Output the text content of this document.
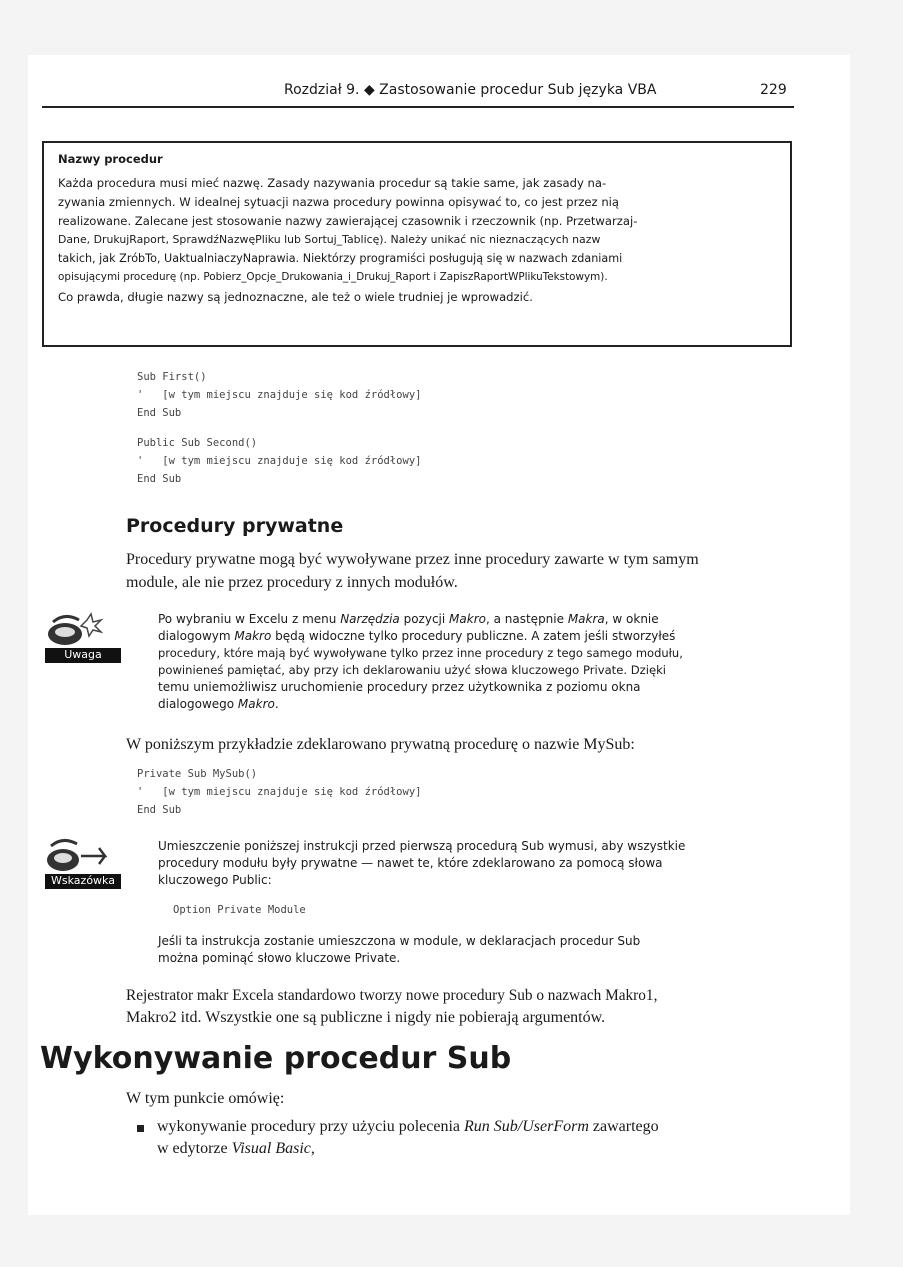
Rozdział 9. ◆ Zastosowanie procedur Sub języka VBA	229
Nazwy procedur
Każda procedura musi mieć nazwę. Zasady nazywania procedur są takie same, jak zasady na-
zywania zmiennych. W idealnej sytuacji nazwa procedury powinna opisywać to, co jest przez nią
realizowane. Zalecane jest stosowanie nazwy zawierającej czasownik i rzeczownik (np. Przetwarzaj-
Dane, DrukujRaport, SprawdźNazwęPliku lub Sortuj_Tablicę). Należy unikać nic nieznaczących nazw
takich, jak ZróbTo, UaktualniaczyNaprawia. Niektórzy programiści posługują się w nazwach zdaniami
opisującymi procedurę (np. Pobierz_Opcje_Drukowania_i_Drukuj_Raport i ZapiszRaportWPlikuTekstowym).
Co prawda, długie nazwy są jednoznaczne, ale też o wiele trudniej je wprowadzić.
Sub First()
'   [w tym miejscu znajduje się kod źródłowy]
End Sub
Public Sub Second()
'   [w tym miejscu znajduje się kod źródłowy]
End Sub
Procedury prywatne
Procedury prywatne mogą być wywoływane przez inne procedury zawarte w tym samym
module, ale nie przez procedury z innych modułów.
Uwaga
Po wybraniu w Excelu z menu Narzędzia pozycji Makro, a następnie Makra, w oknie
dialogowym Makro będą widoczne tylko procedury publiczne. A zatem jeśli stworzyłeś
procedury, które mają być wywoływane tylko przez inne procedury z tego samego modułu,
powinieneś pamiętać, aby przy ich deklarowaniu użyć słowa kluczowego Private. Dzięki
temu uniemożliwisz uruchomienie procedury przez użytkownika z poziomu okna
dialogowego Makro.
W poniższym przykładzie zdeklarowano prywatną procedurę o nazwie MySub:
Private Sub MySub()
'   [w tym miejscu znajduje się kod źródłowy]
End Sub
Wskazówka
Umieszczenie poniższej instrukcji przed pierwszą procedurą Sub wymusi, aby wszystkie
procedury modułu były prywatne — nawet te, które zdeklarowano za pomocą słowa
kluczowego Public:
Option Private Module
Jeśli ta instrukcja zostanie umieszczona w module, w deklaracjach procedur Sub
można pominąć słowo kluczowe Private.
Rejestrator makr Excela standardowo tworzy nowe procedury Sub o nazwach Makro1,
Makro2 itd. Wszystkie one są publiczne i nigdy nie pobierają argumentów.
Wykonywanie procedur Sub
W tym punkcie omówię:
wykonywanie procedury przy użyciu polecenia Run Sub/UserForm zawartego
w edytorze Visual Basic,
